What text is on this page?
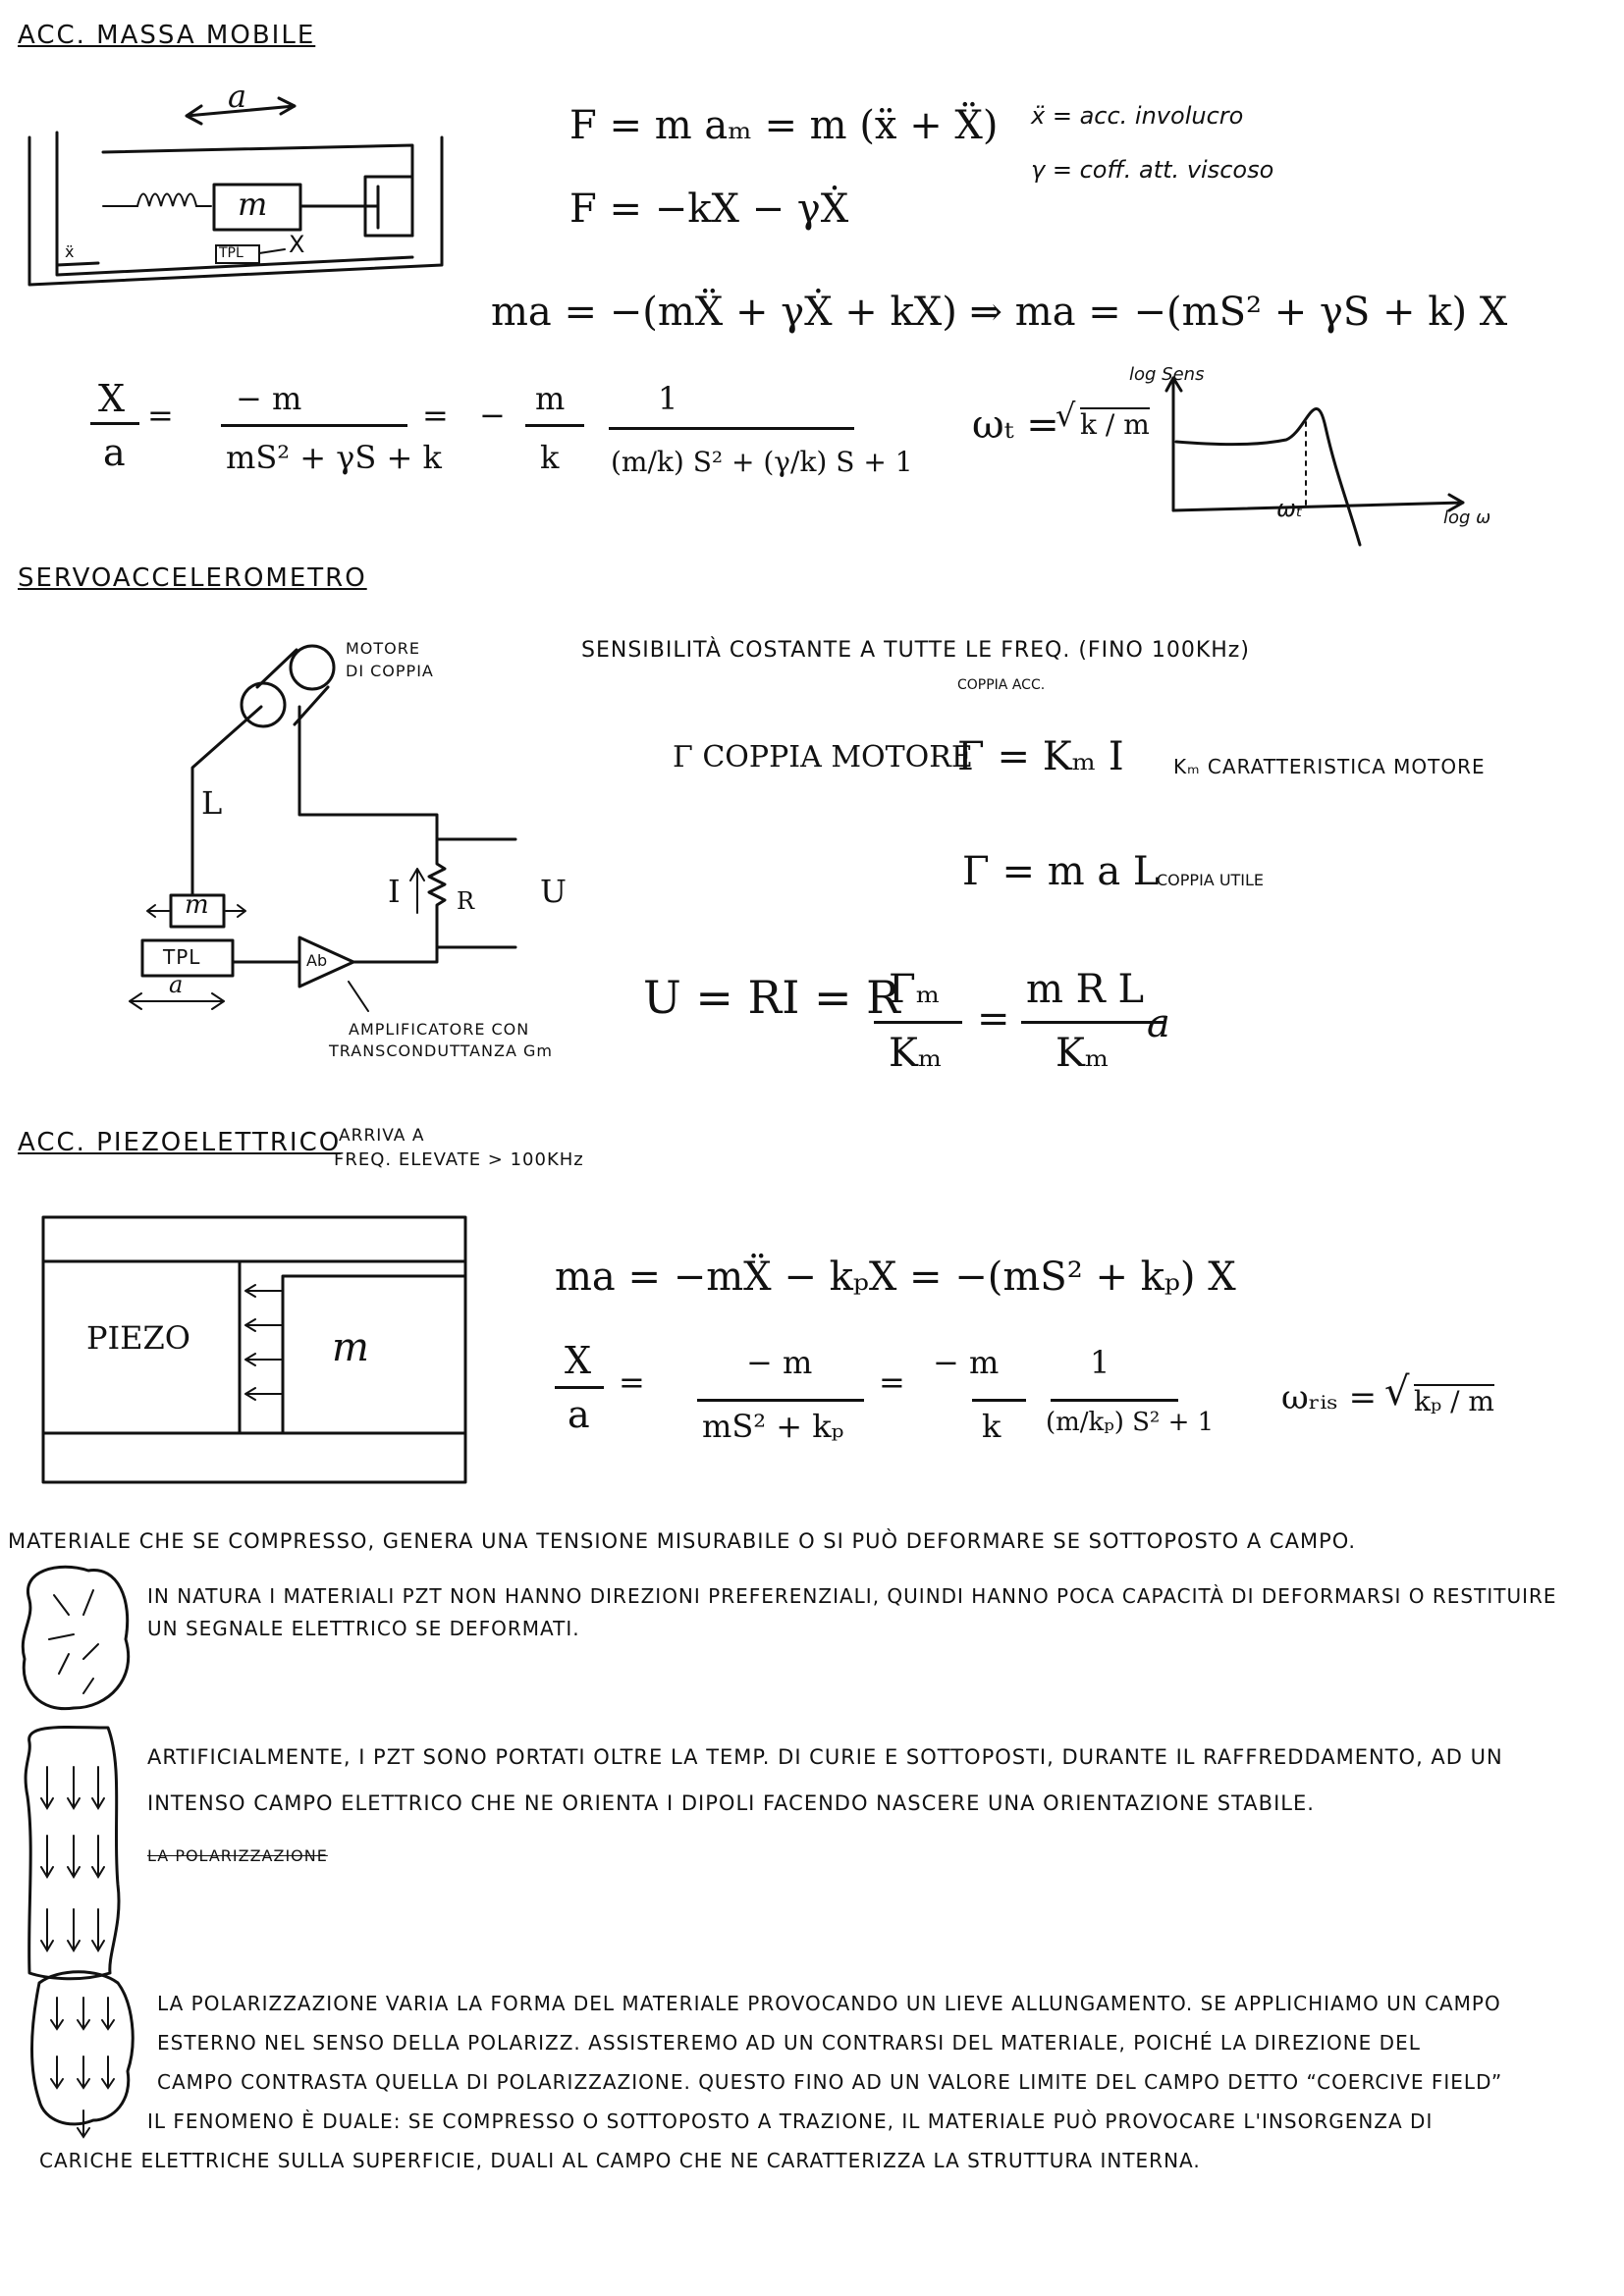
ACC. MASSA MOBILE
a
m
TPL X
ẍ
F = m aₘ = m (ẍ + Ẍ)
F = −kX − γẊ
ẍ = acc. involucro
γ = coff. att. viscoso
ma = −(mẌ + γẊ + kX) ⇒ ma = −(mS² + γS + k) X
X
a
= − m
mS² + γS + k
= − m
k
1
(m/k) S² + (γ/k) S + 1
ωₜ =
√ k / m
log Sens
log ω
ωₜ
SERVOACCELEROMETRO
MOTORE
DI COPPIA
L
m
TPL
a
Ab
I R U
AMPLIFICATORE CON
TRANSCONDUTTANZA Gm
SENSIBILITÀ COSTANTE A TUTTE LE FREQ. (FINO 100KHz)
COPPIA ACC.
Γ COPPIA MOTORE
Γ = Kₘ I	Kₘ CARATTERISTICA MOTORE
Γ = m a L
COPPIA UTILE
U = RI = R
Γₘ
Kₘ
=
m R L
Kₘ
a
ACC. PIEZOELETTRICO
ARRIVA A
FREQ. ELEVATE > 100KHz
PIEZO	m
ma = −mẌ − kₚX = −(mS² + kₚ) X
X
a
=
− m
mS² + kₚ
=
− m
k
1
(m/kₚ) S² + 1
ωᵣᵢₛ = √ kₚ / m
MATERIALE CHE SE COMPRESSO, GENERA UNA TENSIONE MISURABILE O SI PUÒ DEFORMARE SE SOTTOPOSTO A CAMPO.
IN NATURA I MATERIALI PZT NON HANNO DIREZIONI PREFERENZIALI, QUINDI HANNO POCA CAPACITÀ DI DEFORMARSI O RESTITUIRE
UN SEGNALE ELETTRICO SE DEFORMATI.
ARTIFICIALMENTE, I PZT SONO PORTATI OLTRE LA TEMP. DI CURIE E SOTTOPOSTI, DURANTE IL RAFFREDDAMENTO, AD UN
INTENSO CAMPO ELETTRICO CHE NE ORIENTA I DIPOLI FACENDO NASCERE UNA ORIENTAZIONE STABILE.
LA POLARIZZAZIONE
LA POLARIZZAZIONE VARIA LA FORMA DEL MATERIALE PROVOCANDO UN LIEVE ALLUNGAMENTO. SE APPLICHIAMO UN CAMPO
ESTERNO NEL SENSO DELLA POLARIZZ. ASSISTEREMO AD UN CONTRARSI DEL MATERIALE, POICHÉ LA DIREZIONE DEL
CAMPO CONTRASTA QUELLA DI POLARIZZAZIONE. QUESTO FINO AD UN VALORE LIMITE DEL CAMPO DETTO “COERCIVE FIELD”
IL FENOMENO È DUALE: SE COMPRESSO O SOTTOPOSTO A TRAZIONE, IL MATERIALE PUÒ PROVOCARE L'INSORGENZA DI
CARICHE ELETTRICHE SULLA SUPERFICIE, DUALI AL CAMPO CHE NE CARATTERIZZA LA STRUTTURA INTERNA.
